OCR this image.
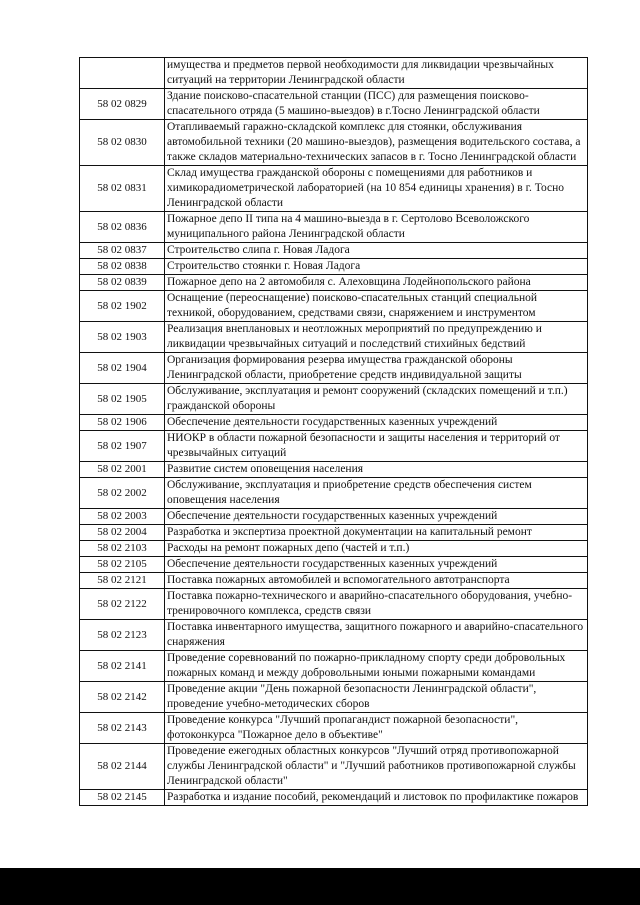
	имущества и предметов первой необходимости для ликвидации чрезвычайных ситуаций на территории Ленинградской области
58 02 0829	Здание поисково-спасательной станции (ПСС) для размещения поисково-спасательного отряда (5 машино-выездов) в г.Тосно Ленинградской области
58 02 0830	Отапливаемый гаражно-складской комплекс для стоянки, обслуживания автомобильной техники (20 машино-выездов), размещения водительского состава, а также складов материально-технических запасов в г. Тосно Ленинградской области
58 02 0831	Склад имущества гражданской обороны с помещениями для работников и химикорадиометрической лабораторией (на 10 854 единицы хранения) в г. Тосно Ленинградской области
58 02 0836	Пожарное депо II типа на 4 машино-выезда в г. Сертолово Всеволожского муниципального района Ленинградской области
58 02 0837	Строительство слипа г. Новая Ладога
58 02 0838	Строительство стоянки г. Новая Ладога
58 02 0839	Пожарное депо на 2 автомобиля с. Алеховщина Лодейнопольского района
58 02 1902	Оснащение (переоснащение) поисково-спасательных станций специальной техникой, оборудованием, средствами связи, снаряжением и инструментом
58 02 1903	Реализация внеплановых и неотложных мероприятий по предупреждению и ликвидации чрезвычайных ситуаций и последствий стихийных бедствий
58 02 1904	Организация формирования резерва имущества гражданской обороны Ленинградской области, приобретение средств индивидуальной защиты
58 02 1905	Обслуживание, эксплуатация и ремонт сооружений (складских помещений и т.п.) гражданской обороны
58 02 1906	Обеспечение деятельности государственных казенных учреждений
58 02 1907	НИОКР в области пожарной безопасности и защиты населения и территорий от чрезвычайных ситуаций
58 02 2001	Развитие систем оповещения населения
58 02 2002	Обслуживание, эксплуатация и приобретение средств обеспечения систем оповещения населения
58 02 2003	Обеспечение деятельности государственных казенных учреждений
58 02 2004	Разработка и экспертиза проектной документации на капитальный ремонт
58 02 2103	Расходы на ремонт пожарных депо (частей и т.п.)
58 02 2105	Обеспечение деятельности государственных казенных учреждений
58 02 2121	Поставка пожарных автомобилей и вспомогательного автотранспорта
58 02 2122	Поставка пожарно-технического и аварийно-спасательного оборудования, учебно-тренировочного комплекса, средств связи
58 02 2123	Поставка инвентарного имущества, защитного пожарного и аварийно-спасательного снаряжения
58 02 2141	Проведение соревнований по пожарно-прикладному спорту среди добровольных пожарных команд и между добровольными юными пожарными командами
58 02 2142	Проведение акции "День пожарной безопасности Ленинградской области", проведение учебно-методических сборов
58 02 2143	Проведение конкурса "Лучший пропагандист пожарной безопасности", фотоконкурса "Пожарное дело в объективе"
58 02 2144	Проведение ежегодных областных конкурсов "Лучший отряд противопожарной службы Ленинградской области" и "Лучший работников противопожарной службы Ленинградской области"
58 02 2145	Разработка и издание пособий, рекомендаций и листовок по профилактике пожаров
